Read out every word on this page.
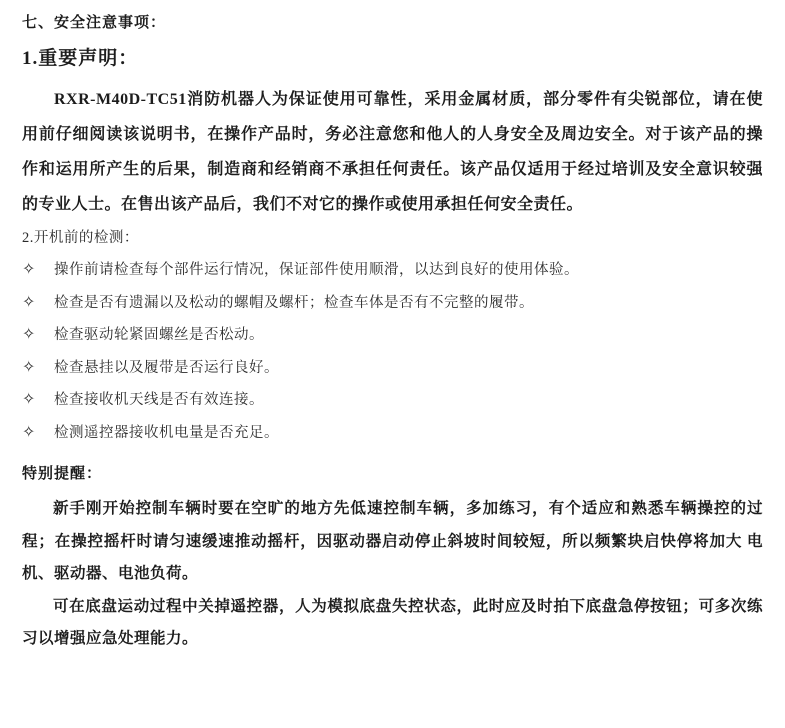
七、安全注意事项：
1.重要声明：

RXR-M40D-TC51消防机器人为保证使用可靠性，采用金属材质，部分零件有尖锐部位，请在使用前仔细阅读该说明书，在操作产品时，务必注意您和他人的人身安全及周边安全。对于该产品的操作和运用所产生的后果，制造商和经销商不承担任何责任。该产品仅适用于经过培训及安全意识较强的专业人士。在售出该产品后，我们不对它的操作或使用承担任何安全责任。

2.开机前的检测：
✧ 操作前请检查每个部件运行情况，保证部件使用顺滑，以达到良好的使用体验。
✧ 检查是否有遗漏以及松动的螺帽及螺杆；检查车体是否有不完整的履带。
✧ 检查驱动轮紧固螺丝是否松动。
✧ 检查悬挂以及履带是否运行良好。
✧ 检查接收机天线是否有效连接。
✧ 检测遥控器接收机电量是否充足。
特别提醒：

新手刚开始控制车辆时要在空旷的地方先低速控制车辆，多加练习，有个适应和熟悉车辆操控的过程；在操控摇杆时请匀速缓速推动摇杆，因驱动器启动停止斜坡时间较短，所以频繁块启快停将加大 电机、驱动器、电池负荷。

可在底盘运动过程中关掉遥控器，人为模拟底盘失控状态，此时应及时拍下底盘急停按钮；可多次练习以增强应急处理能力。
